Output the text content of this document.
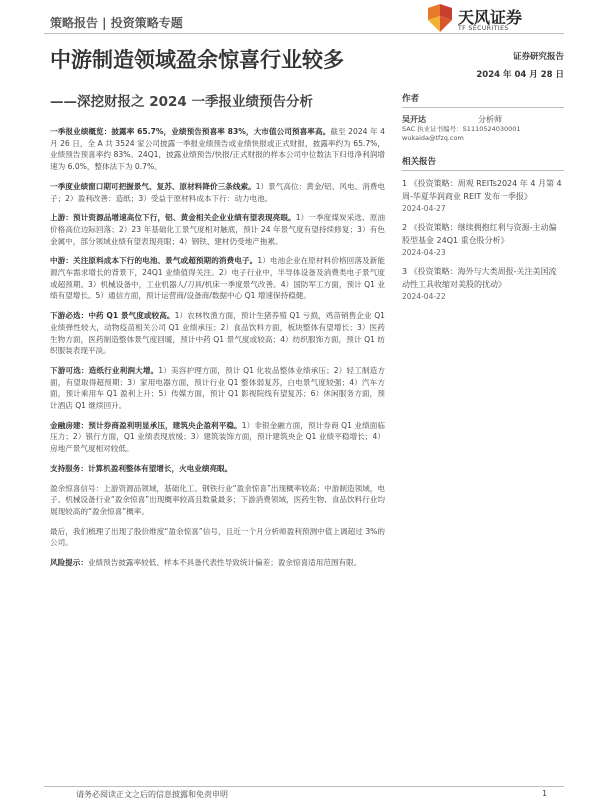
策略报告 | 投资策略专题	天风证券
TF SECURITIES
中游制造领域盈余惊喜行业较多
——深挖财报之 2024 一季报业绩预告分析

一季报业绩概览：披露率 65.7%，业绩预告预喜率 83%，大市值公司预喜率高。截至 2024 年 4 月 26 日，全 A 共 3524 家公司披露一季报业绩预告或业绩快报或正式财报，披露率约为 65.7%，业绩预告预喜率约 83%。24Q1，披露业绩预告/快报/正式财报的样本公司中位数法下归母净利润增速为 6.0%，整体法下为 0.7%。

一季度业绩窗口期可把握景气、复苏、原材料降价三条线索。1）景气高位：黄金/铝、风电、消费电子；2）盈利改善：造纸；3）受益于原材料成本下行：动力电池。

上游：预计资源品增速高位下行，铝、黄金相关企业业绩有望表现亮眼。1）一季度煤炭采选、原油价格高位边际回落；2）23 年基础化工景气度相对触底，预计 24 年景气度有望持续修复；3）有色金属中，部分领域业绩有望表现亮眼；4）钢铁、建材仍受地产拖累。

中游：关注原料成本下行的电池、景气或超预期的消费电子。1）电池企业在原材料价格回落及新能源汽车需求增长的背景下，24Q1 业绩值得关注。2）电子行业中，半导体设备及消费类电子景气度或超预期。3）机械设备中，工业机器人/刀具/机床一季度景气改善。4）国防军工方面，预计 Q1 业绩有望增长。5）通信方面，预计运营商/设备商/数据中心 Q1 增速保持稳健。

下游必选：中药 Q1 景气度或较高。1）农林牧渔方面，预计生猪养殖 Q1 亏损，鸡苗销售企业 Q1 业绩弹性较大，动物疫苗相关公司 Q1 业绩承压；2）食品饮料方面，板块整体有望增长；3）医药生物方面，医药制造整体景气度回暖，预计中药 Q1 景气度或较高；4）纺织服饰方面，预计 Q1 纺织服装表现平淡。

下游可选：造纸行业利润大增。1）美容护理方面，预计 Q1 化妆品整体业绩承压；2）轻工制造方面，有望取得超预期；3）家用电器方面，预计行业 Q1 整体弱复苏，白电景气度较强；4）汽车方面，预计乘用车 Q1 盈利上升；5）传媒方面，预计 Q1 影视院线有望复苏；6）休闲服务方面，预计酒店 Q1 继续回升。

金融房建：预计券商盈利明显承压，建筑央企盈利平稳。1）非银金融方面，预计券商 Q1 业绩面临压力；2）银行方面，Q1 业绩表现放缓；3）建筑装饰方面，预计建筑央企 Q1 业绩平稳增长；4）房地产景气度相对较低。

支持服务：计算机盈利整体有望增长，火电业绩亮眼。

盈余惊喜信号：上游资源品领域，基础化工、钢铁行业“盈余惊喜”出现概率较高；中游制造领域，电子、机械设备行业“盈余惊喜”出现概率较高且数量最多；下游消费领域，医药生物、食品饮料行业均展现较高的“盈余惊喜”概率。

最后，我们梳理了出现了股价维度“盈余惊喜”信号，且近一个月分析师盈利预测中值上调超过 3%的公司。

风险提示：业绩预告披露率较低、样本不具备代表性导致统计偏差；盈余惊喜适用范围有限。

证券研究报告
2024 年 04 月 28 日
作者
吴开达	分析师
SAC 执业证书编号：S1110524030001
wukaida@tfzq.com
相关报告
1 《投资策略：周观 REITs2024 年 4 月第 4 周-华夏华润商业 REIT 发布一季报》
2024-04-27
2 《投资策略：继续拥抱红利与资源-主动偏股型基金 24Q1 重仓股分析》
2024-04-23
3 《投资策略：海外与大类周报-关注美国流动性工具收缩对美股的扰动》
2024-04-22
请务必阅读正文之后的信息披露和免责申明	1
